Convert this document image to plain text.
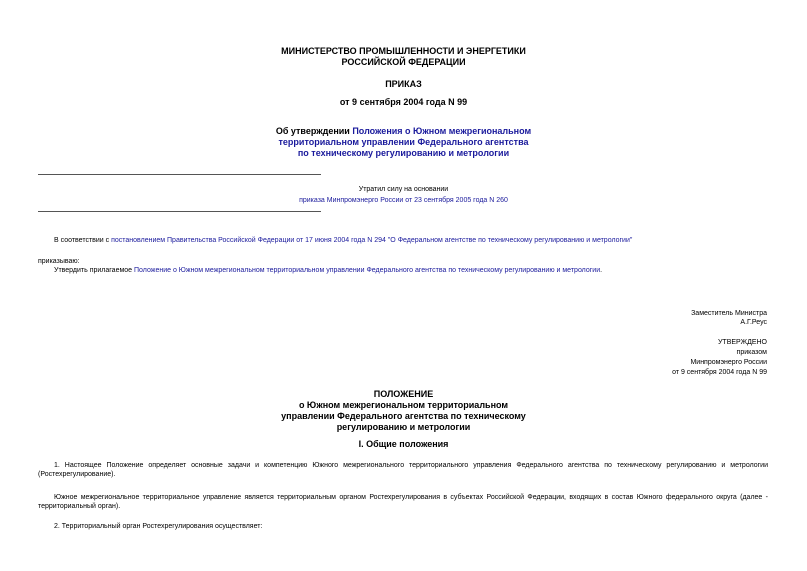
МИНИСТЕРСТВО ПРОМЫШЛЕННОСТИ И ЭНЕРГЕТИКИ
РОССИЙСКОЙ ФЕДЕРАЦИИ
ПРИКАЗ
от 9 сентября 2004 года N 99
Об утверждении Положения о Южном межрегиональном
территориальном управлении Федерального агентства
по техническому регулированию и метрологии
Утратил силу на основании
приказа Минпромэнерго России от 23 сентября 2005 года N 260
В соответствии с постановлением Правительства Российской Федерации от 17 июня 2004 года N 294 "О Федеральном агентстве по техническому регулированию и метрологии"
приказываю:
Утвердить прилагаемое Положение о Южном межрегиональном территориальном управлении Федерального агентства по техническому регулированию и метрологии.
Заместитель Министра
А.Г.Реус
УТВЕРЖДЕНО
приказом
Минпромэнерго России
от 9 сентября 2004 года N 99
ПОЛОЖЕНИЕ
о Южном межрегиональном территориальном
управлении Федерального агентства по техническому
регулированию и метрологии
I. Общие положения
1. Настоящее Положение определяет основные задачи и компетенцию Южного межрегионального территориального управления Федерального агентства по техническому регулированию и метрологии (Ростехрегулирование).
Южное межрегиональное территориальное управление является территориальным органом Ростехрегулирования в субъектах Российской Федерации, входящих в состав Южного федерального округа (далее - территориальный орган).
2. Территориальный орган Ростехрегулирования осуществляет:
